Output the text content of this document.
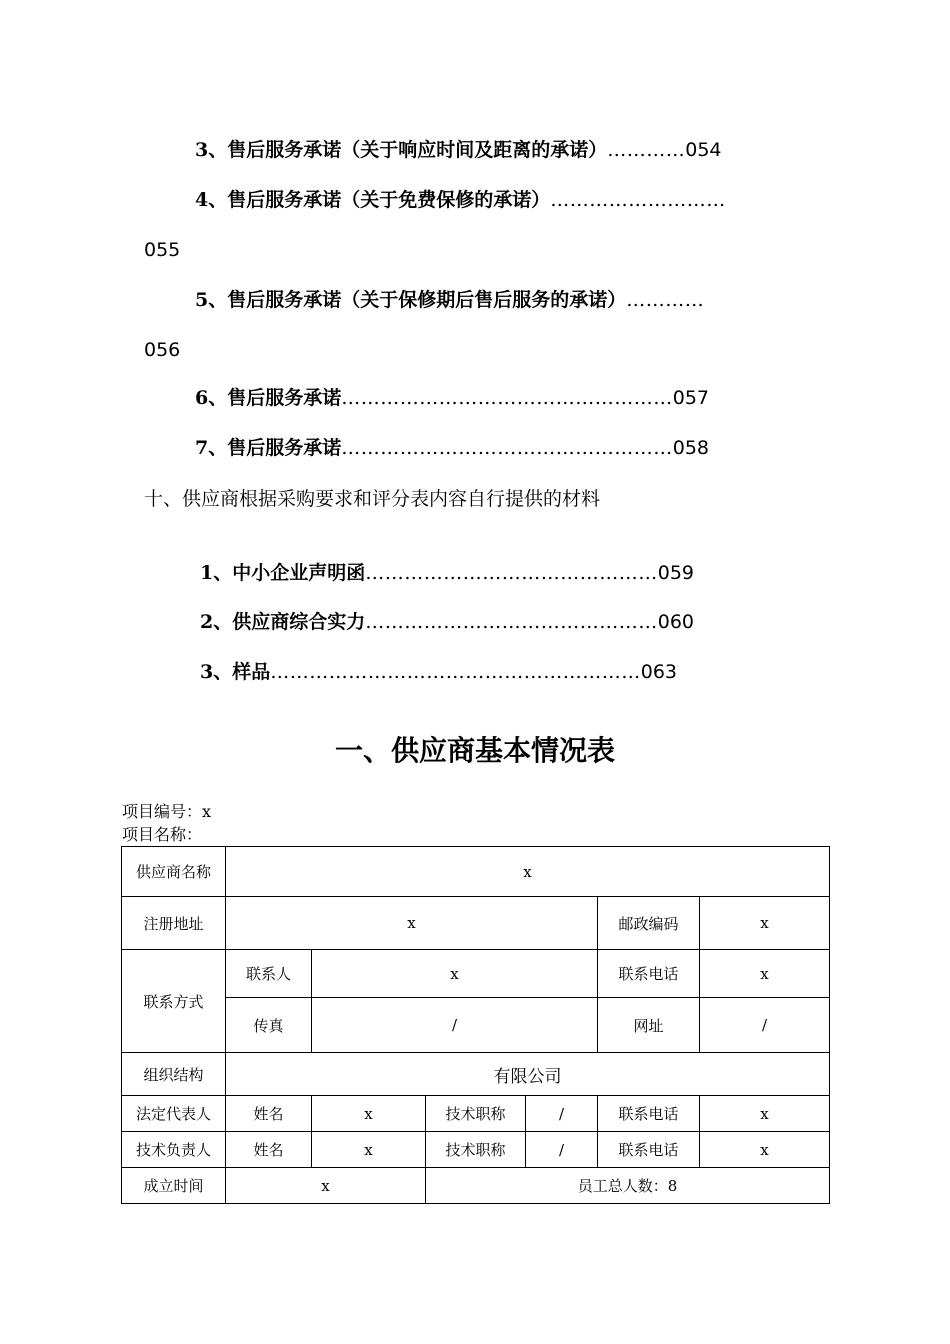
3、售后服务承诺（关于响应时间及距离的承诺）…………054
4、售后服务承诺（关于免费保修的承诺）………………………
055
5、售后服务承诺（关于保修期后售后服务的承诺）…………
056
6、售后服务承诺……………………………………………057
7、售后服务承诺……………………………………………058
十、供应商根据采购要求和评分表内容自行提供的材料
1、中小企业声明函………………………………………059
2、供应商综合实力………………………………………060
3、样品…………………………………………………063
一、供应商基本情况表
项目编号：x
项目名称：
供应商名称	x					
注册地址	x				邮政编码	x
联系方式	联系人	x			联系电话	x
	传真	/			网址	/
组织结构	有限公司					
法定代表人	姓名	x	技术职称	/	联系电话	x
技术负责人	姓名	x	技术职称	/	联系电话	x
成立时间	x		员工总人数：8			
